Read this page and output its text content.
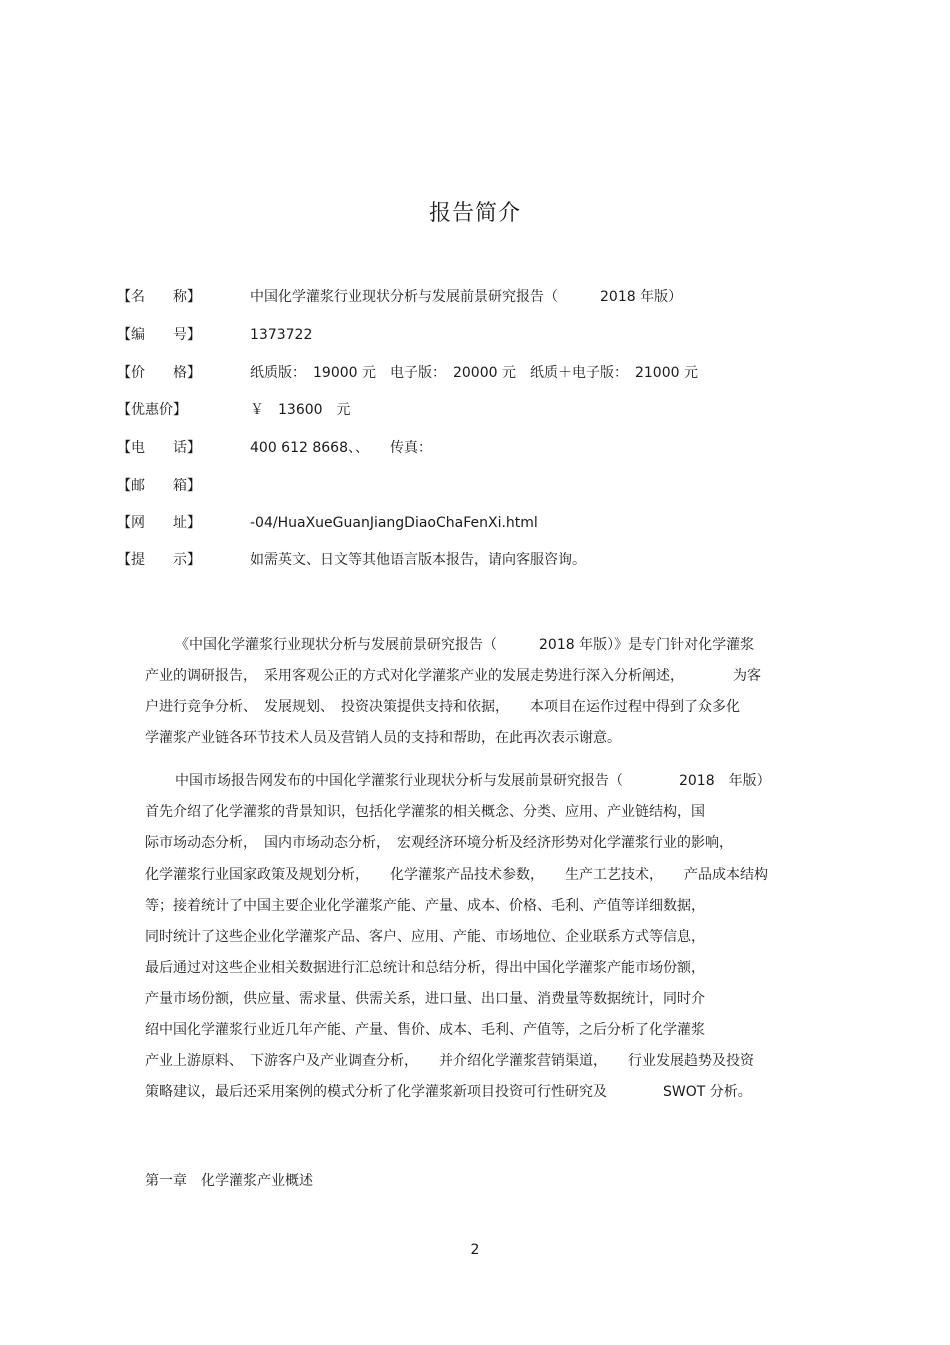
报告简介
【名　　称】	中国化学灌浆行业现状分析与发展前景研究报告（　　　2018 年版）
【编　　号】	1373722
【价　　格】	纸质版：　19000 元　电子版：　20000 元　纸质＋电子版：　21000 元
【优惠价】	￥　13600　元
【电　　话】	400 612 8668、、　　传真：
【邮　　箱】
【网　　址】	-04/HuaXueGuanJiangDiaoChaFenXi.html
【提　　示】	如需英文、日文等其他语言版本报告，请向客服咨询。
《中国化学灌浆行业现状分析与发展前景研究报告（　　　2018 年版）》是专门针对化学灌浆
产业的调研报告，　采用客观公正的方式对化学灌浆产业的发展走势进行深入分析阐述，　　　　为客
户进行竞争分析、　发展规划、　投资决策提供支持和依据，　　本项目在运作过程中得到了众多化
学灌浆产业链各环节技术人员及营销人员的支持和帮助，在此再次表示谢意。
中国市场报告网发布的中国化学灌浆行业现状分析与发展前景研究报告（　　　　2018　年版）
首先介绍了化学灌浆的背景知识，包括化学灌浆的相关概念、分类、应用、产业链结构，国
际市场动态分析，　国内市场动态分析，　宏观经济环境分析及经济形势对化学灌浆行业的影响，
化学灌浆行业国家政策及规划分析，　　化学灌浆产品技术参数，　　生产工艺技术，　　产品成本结构
等；接着统计了中国主要企业化学灌浆产能、产量、成本、价格、毛利、产值等详细数据，
同时统计了这些企业化学灌浆产品、客户、应用、产能、市场地位、企业联系方式等信息，
最后通过对这些企业相关数据进行汇总统计和总结分析，得出中国化学灌浆产能市场份额，
产量市场份额，供应量、需求量、供需关系，进口量、出口量、消费量等数据统计，同时介
绍中国化学灌浆行业近几年产能、产量、售价、成本、毛利、产值等，之后分析了化学灌浆
产业上游原料、　下游客户及产业调查分析，　　并介绍化学灌浆营销渠道，　　行业发展趋势及投资
策略建议，最后还采用案例的模式分析了化学灌浆新项目投资可行性研究及　　　　SWOT 分析。
第一章　化学灌浆产业概述
2
